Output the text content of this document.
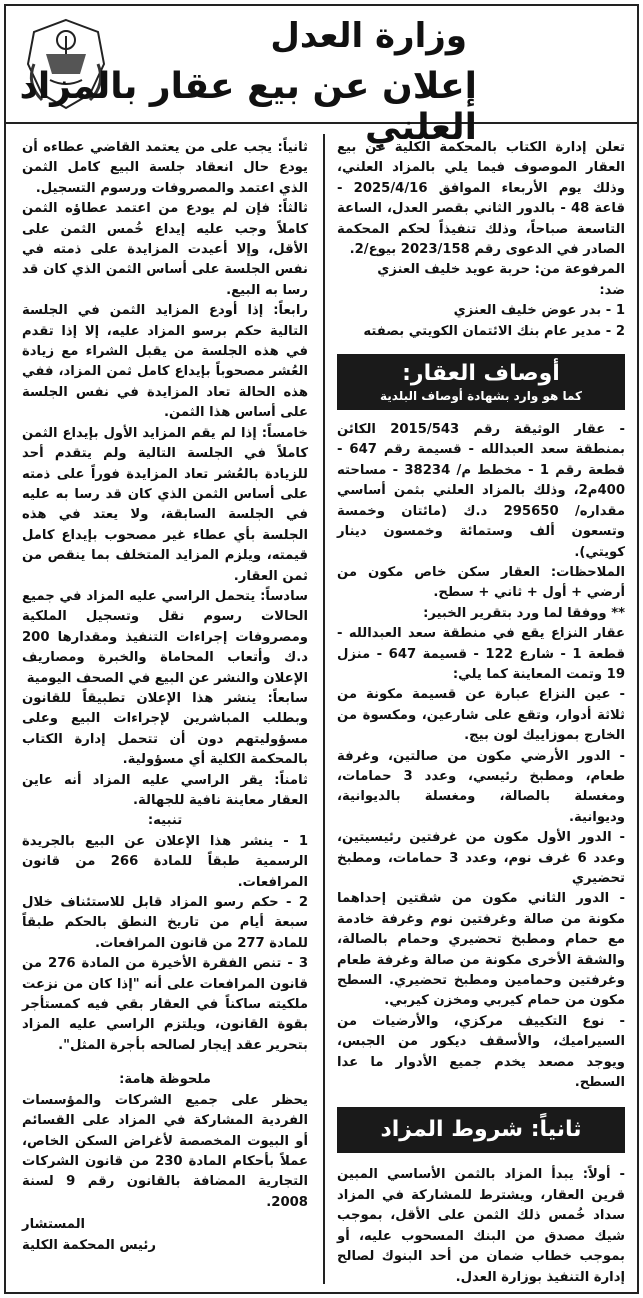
وزارة العدل
إعلان عن بيع عقار بالمزاد العلني
تعلن إدارة الكتاب بالمحكمة الكلية عن بيع العقار الموصوف فيما يلي بالمزاد العلني، وذلك يوم الأربعاء الموافق 2025/4/16 - قاعة 48 - بالدور الثاني بقصر العدل، الساعة التاسعة صباحاً، وذلك تنفيذاً لحكم المحكمة الصادر في الدعوى رقم 2023/158 بيوع/2.
المرفوعة من: حربة عويد خليف العنزي
ضد:
1 - بدر عوض خليف العنزي
2 - مدير عام بنك الائتمان الكويتي بصفته
أوصاف العقار:
كما هو وارد بشهادة أوصاف البلدية
- عقار الوثيقة رقم 2015/543 الكائن بمنطقة سعد العبدالله - قسيمة رقم 647 - قطعة رقم 1 - مخطط م/ 38234 - مساحته 400م2، وذلك بالمزاد العلني بثمن أساسي مقداره/ 295650 د.ك (مائتان وخمسة وتسعون ألف وستمائة وخمسون دينار كويتي).
الملاحظات: العقار سكن خاص مكون من أرضي + أول + ثاني + سطح.
** ووفقا لما ورد بتقرير الخبير:
عقار النزاع يقع في منطقة سعد العبدالله - قطعة 1 - شارع 122 - قسيمة 647 - منزل 19 وتمت المعاينة كما يلي:
- عين النزاع عبارة عن قسيمة مكونة من ثلاثة أدوار، وتقع على شارعين، ومكسوة من الخارج بموزاييك لون بيج.
- الدور الأرضي مكون من صالتين، وغرفة طعام، ومطبخ رئيسي، وعدد 3 حمامات، ومغسلة بالصالة، ومغسلة بالديوانية، وديوانية.
- الدور الأول مكون من غرفتين رئيسيتين، وعدد 6 غرف نوم، وعدد 3 حمامات، ومطبخ تحضيري
- الدور الثاني مكون من شقتين إحداهما مكونة من صالة وغرفتين نوم وغرفة خادمة مع حمام ومطبخ تحضيري وحمام بالصالة، والشقة الأخرى مكونة من صالة وغرفة طعام وغرفتين وحمامين ومطبخ تحضيري. السطح مكون من حمام كيربي ومخزن كيربي.
- نوع التكييف مركزي، والأرضيات من السيراميك، والأسقف ديكور من الجبس، ويوجد مصعد يخدم جميع الأدوار ما عدا السطح.
ثانياً: شروط المزاد
- أولاً: يبدأ المزاد بالثمن الأساسي المبين قرين العقار، ويشترط للمشاركة في المزاد سداد خُمس ذلك الثمن على الأقل، بموجب شيك مصدق من البنك المسحوب عليه، أو بموجب خطاب ضمان من أحد البنوك لصالح إدارة التنفيذ بوزارة العدل.
ثانياً: يجب على من يعتمد القاضي عطاءه أن يودع حال انعقاد جلسة البيع كامل الثمن الذي اعتمد والمصروفات ورسوم التسجيل.
ثالثاً: فإن لم يودع من اعتمد عطاؤه الثمن كاملاً وجب عليه إيداع خُمس الثمن على الأقل، وإلا أعيدت المزايدة على ذمته في نفس الجلسة على أساس الثمن الذي كان قد رسا به البيع.
رابعاً: إذا أودع المزايد الثمن في الجلسة التالية حكم برسو المزاد عليه، إلا إذا تقدم في هذه الجلسة من يقبل الشراء مع زيادة العُشر مصحوباً بإيداع كامل ثمن المزاد، ففي هذه الحالة تعاد المزايدة في نفس الجلسة على أساس هذا الثمن.
خامساً: إذا لم يقم المزايد الأول بإيداع الثمن كاملاً في الجلسة التالية ولم يتقدم أحد للزيادة بالعُشر تعاد المزايدة فوراً على ذمته على أساس الثمن الذي كان قد رسا به عليه في الجلسة السابقة، ولا يعتد في هذه الجلسة بأي عطاء غير مصحوب بإيداع كامل قيمته، ويلزم المزايد المتخلف بما ينقص من ثمن العقار.
سادساً: يتحمل الراسي عليه المزاد في جميع الحالات رسوم نقل وتسجيل الملكية ومصروفات إجراءات التنفيذ ومقدارها 200 د.ك وأتعاب المحاماة والخبرة ومصاريف الإعلان والنشر عن البيع في الصحف اليومية
سابعاً: ينشر هذا الإعلان تطبيقاً للقانون وبطلب المباشرين لإجراءات البيع وعلى مسؤوليتهم دون أن تتحمل إدارة الكتاب بالمحكمة الكلية أي مسؤولية.
ثامناً: يقر الراسي عليه المزاد أنه عاين العقار معاينة نافية للجهالة.
تنبيه:
1 - ينشر هذا الإعلان عن البيع بالجريدة الرسمية طبقاً للمادة 266 من قانون المرافعات.
2 - حكم رسو المزاد قابل للاستئناف خلال سبعة أيام من تاريخ النطق بالحكم طبقاً للمادة 277 من قانون المرافعات.
3 - تنص الفقرة الأخيرة من المادة 276 من قانون المرافعات على أنه "إذا كان من نزعت ملكيته ساكناً في العقار بقي فيه كمستأجر بقوة القانون، ويلتزم الراسي عليه المزاد بتحرير عقد إيجار لصالحه بأجرة المثل".
ملحوظة هامة:
يحظر على جميع الشركات والمؤسسات الفردية المشاركة في المزاد على القسائم أو البيوت المخصصة لأغراض السكن الخاص، عملاً بأحكام المادة 230 من قانون الشركات التجارية المضافة بالقانون رقم 9 لسنة 2008.
المستشار
رئيس المحكمة الكلية
